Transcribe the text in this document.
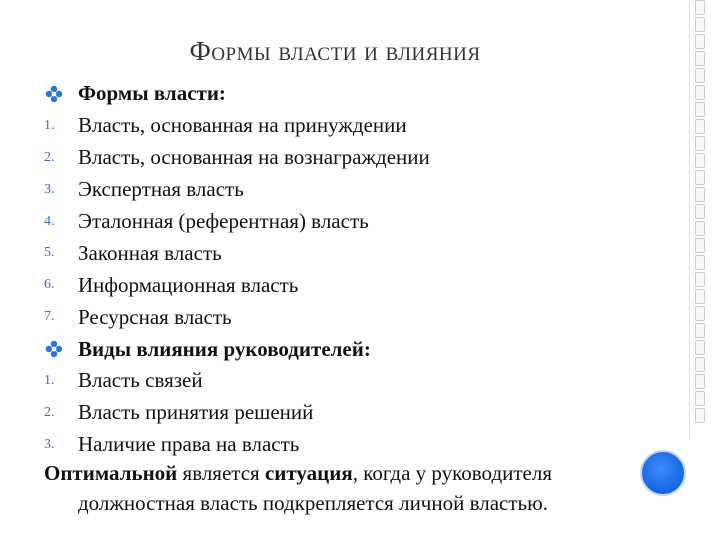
Формы власти и влияния
Формы власти:
1. Власть, основанная на принуждении
2. Власть, основанная на вознаграждении
3. Экспертная власть
4. Эталонная (референтная) власть
5. Законная власть
6. Информационная власть
7. Ресурсная власть
Виды влияния руководителей:
1. Власть связей
2. Власть принятия решений
3. Наличие права на власть
Оптимальной является ситуация, когда у руководителя
должностная власть подкрепляется личной властью.
